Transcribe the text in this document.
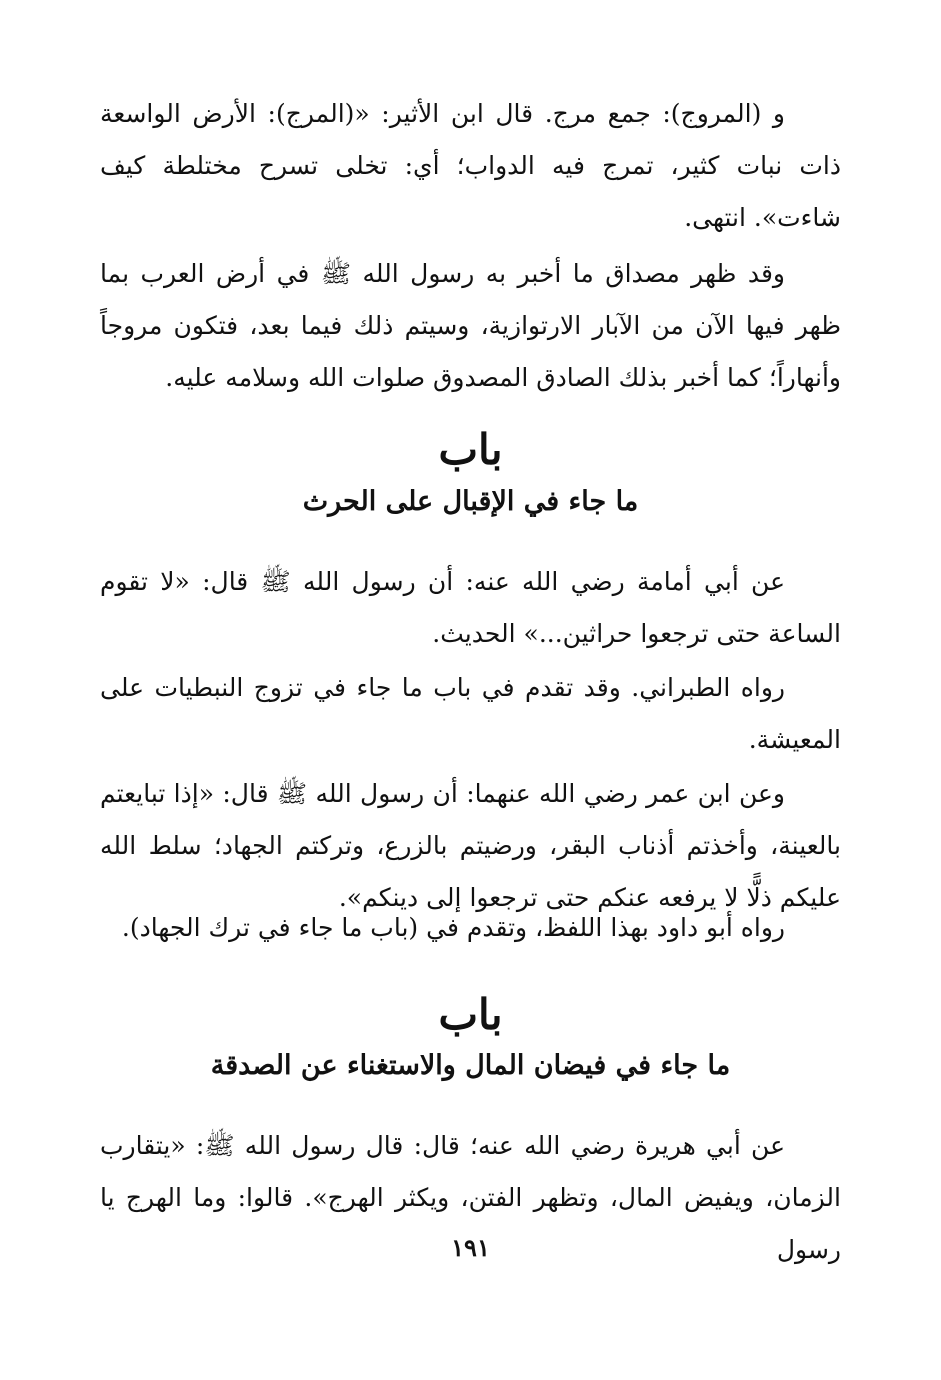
و (المروج): جمع مرج. قال ابن الأثير: «(المرج): الأرض الواسعة ذات نبات كثير، تمرج فيه الدواب؛ أي: تخلى تسرح مختلطة كيف شاءت». انتهى.

وقد ظهر مصداق ما أخبر به رسول الله ﷺ في أرض العرب بما ظهر فيها الآن من الآبار الارتوازية، وسيتم ذلك فيما بعد، فتكون مروجاً وأنهاراً؛ كما أخبر بذلك الصادق المصدوق صلوات الله وسلامه عليه.

باب
ما جاء في الإقبال على الحرث

عن أبي أمامة رضي الله عنه: أن رسول الله ﷺ قال: «لا تقوم الساعة حتى ترجعوا حراثين...» الحديث.

رواه الطبراني. وقد تقدم في باب ما جاء في تزوج النبطيات على المعيشة.

وعن ابن عمر رضي الله عنهما: أن رسول الله ﷺ قال: «إذا تبايعتم بالعينة، وأخذتم أذناب البقر، ورضيتم بالزرع، وتركتم الجهاد؛ سلط الله عليكم ذلًّا لا يرفعه عنكم حتى ترجعوا إلى دينكم».

رواه أبو داود بهذا اللفظ، وتقدم في (باب ما جاء في ترك الجهاد).

باب
ما جاء في فيضان المال والاستغناء عن الصدقة

عن أبي هريرة رضي الله عنه؛ قال: قال رسول الله ﷺ: «يتقارب الزمان، ويفيض المال، وتظهر الفتن، ويكثر الهرج». قالوا: وما الهرج يا رسول

١٩١
